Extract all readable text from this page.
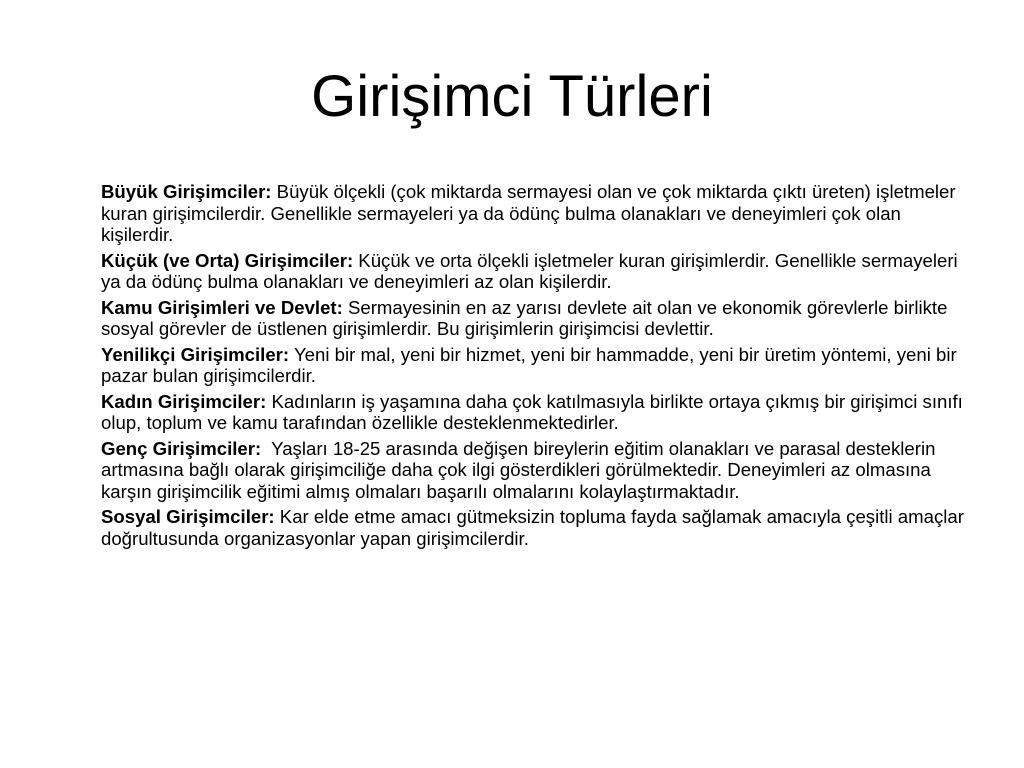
Girişimci Türleri
Büyük Girişimciler: Büyük ölçekli (çok miktarda sermayesi olan ve çok miktarda çıktı üreten) işletmeler kuran girişimcilerdir. Genellikle sermayeleri ya da ödünç bulma olanakları ve deneyimleri çok olan kişilerdir.
Küçük (ve Orta) Girişimciler: Küçük ve orta ölçekli işletmeler kuran girişimlerdir. Genellikle sermayeleri ya da ödünç bulma olanakları ve deneyimleri az olan kişilerdir.
Kamu Girişimleri ve Devlet: Sermayesinin en az yarısı devlete ait olan ve ekonomik görevlerle birlikte sosyal görevler de üstlenen girişimlerdir. Bu girişimlerin girişimcisi devlettir.
Yenilikçi Girişimciler: Yeni bir mal, yeni bir hizmet, yeni bir hammadde, yeni bir üretim yöntemi, yeni bir pazar bulan girişimcilerdir.
Kadın Girişimciler: Kadınların iş yaşamına daha çok katılmasıyla birlikte ortaya çıkmış bir girişimci sınıfı olup, toplum ve kamu tarafından özellikle desteklenmektedirler.
Genç Girişimciler:  Yaşları 18-25 arasında değişen bireylerin eğitim olanakları ve parasal desteklerin artmasına bağlı olarak girişimciliğe daha çok ilgi gösterdikleri görülmektedir. Deneyimleri az olmasına karşın girişimcilik eğitimi almış olmaları başarılı olmalarını kolaylaştırmaktadır.
Sosyal Girişimciler: Kar elde etme amacı gütmeksizin topluma fayda sağlamak amacıyla çeşitli amaçlar doğrultusunda organizasyonlar yapan girişimcilerdir.
